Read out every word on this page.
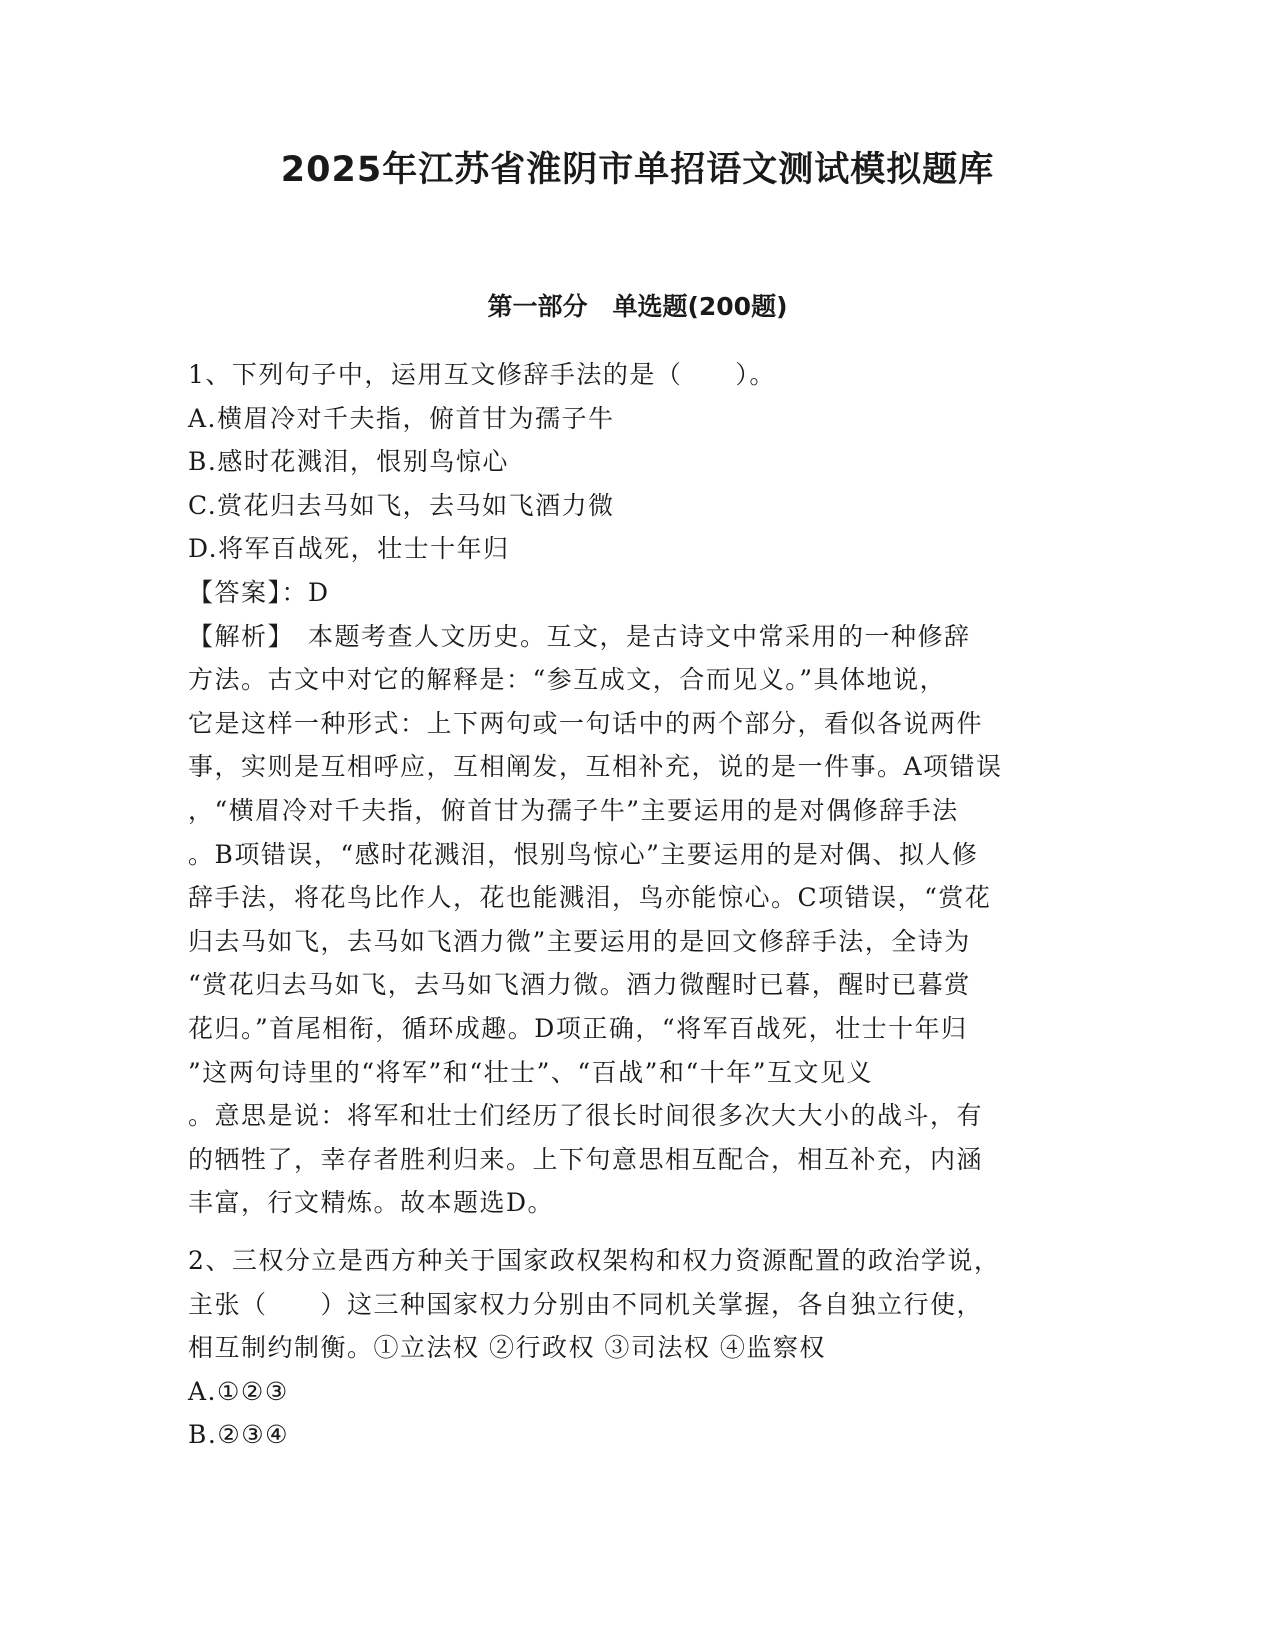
2025年江苏省淮阴市单招语文测试模拟题库
第一部分　单选题(200题)

1、下列句子中，运用互文修辞手法的是（　　）。

A.横眉冷对千夫指，俯首甘为孺子牛

B.感时花溅泪，恨别鸟惊心

C.赏花归去马如飞，去马如飞酒力微

D.将军百战死，壮士十年归

【答案】：D

【解析】　本题考查人文历史。互文，是古诗文中常采用的一种修辞

方法。古文中对它的解释是：“参互成文，合而见义。”具体地说，

它是这样一种形式：上下两句或一句话中的两个部分，看似各说两件

事，实则是互相呼应，互相阐发，互相补充，说的是一件事。A项错误

，“横眉冷对千夫指，俯首甘为孺子牛”主要运用的是对偶修辞手法

。B项错误，“感时花溅泪，恨别鸟惊心”主要运用的是对偶、拟人修

辞手法，将花鸟比作人，花也能溅泪，鸟亦能惊心。C项错误，“赏花

归去马如飞，去马如飞酒力微”主要运用的是回文修辞手法，全诗为

“赏花归去马如飞，去马如飞酒力微。酒力微醒时已暮，醒时已暮赏

花归。”首尾相衔，循环成趣。D项正确，“将军百战死，壮士十年归

”这两句诗里的“将军”和“壮士”、“百战”和“十年”互文见义

。意思是说：将军和壮士们经历了很长时间很多次大大小的战斗，有

的牺牲了，幸存者胜利归来。上下句意思相互配合，相互补充，内涵

丰富，行文精炼。故本题选D。

2、三权分立是西方种关于国家政权架构和权力资源配置的政治学说，

主张（　　）这三种国家权力分别由不同机关掌握，各自独立行使，

相互制约制衡。①立法权 ②行政权 ③司法权 ④监察权

A.①②③

B.②③④
